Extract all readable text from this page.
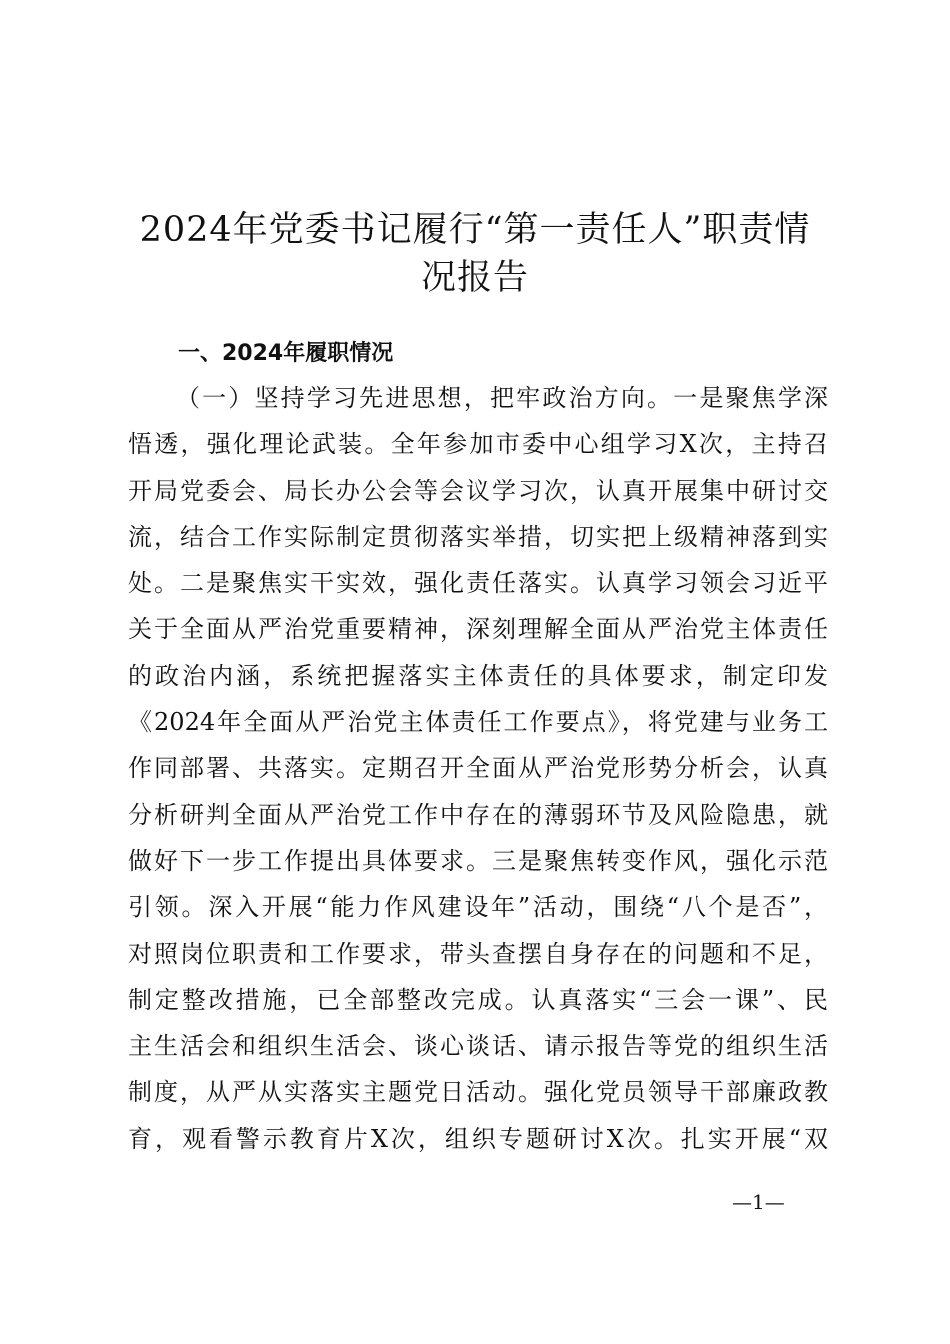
2024年党委书记履行“第一责任人”职责情
况报告
一、2024年履职情况
（一）坚持学习先进思想，把牢政治方向。一是聚焦学深
悟透，强化理论武装。全年参加市委中心组学习X次，主持召
开局党委会、局长办公会等会议学习次，认真开展集中研讨交
流，结合工作实际制定贯彻落实举措，切实把上级精神落到实
处。二是聚焦实干实效，强化责任落实。认真学习领会习近平
关于全面从严治党重要精神，深刻理解全面从严治党主体责任
的政治内涵，系统把握落实主体责任的具体要求，制定印发
《2024年全面从严治党主体责任工作要点》，将党建与业务工
作同部署、共落实。定期召开全面从严治党形势分析会，认真
分析研判全面从严治党工作中存在的薄弱环节及风险隐患，就
做好下一步工作提出具体要求。三是聚焦转变作风，强化示范
引领。深入开展“能力作风建设年”活动，围绕“八个是否”，
对照岗位职责和工作要求，带头查摆自身存在的问题和不足，
制定整改措施，已全部整改完成。认真落实“三会一课”、民
主生活会和组织生活会、谈心谈话、请示报告等党的组织生活
制度，从严从实落实主题党日活动。强化党员领导干部廉政教
育，观看警示教育片X次，组织专题研讨X次。扎实开展“双
—1—
